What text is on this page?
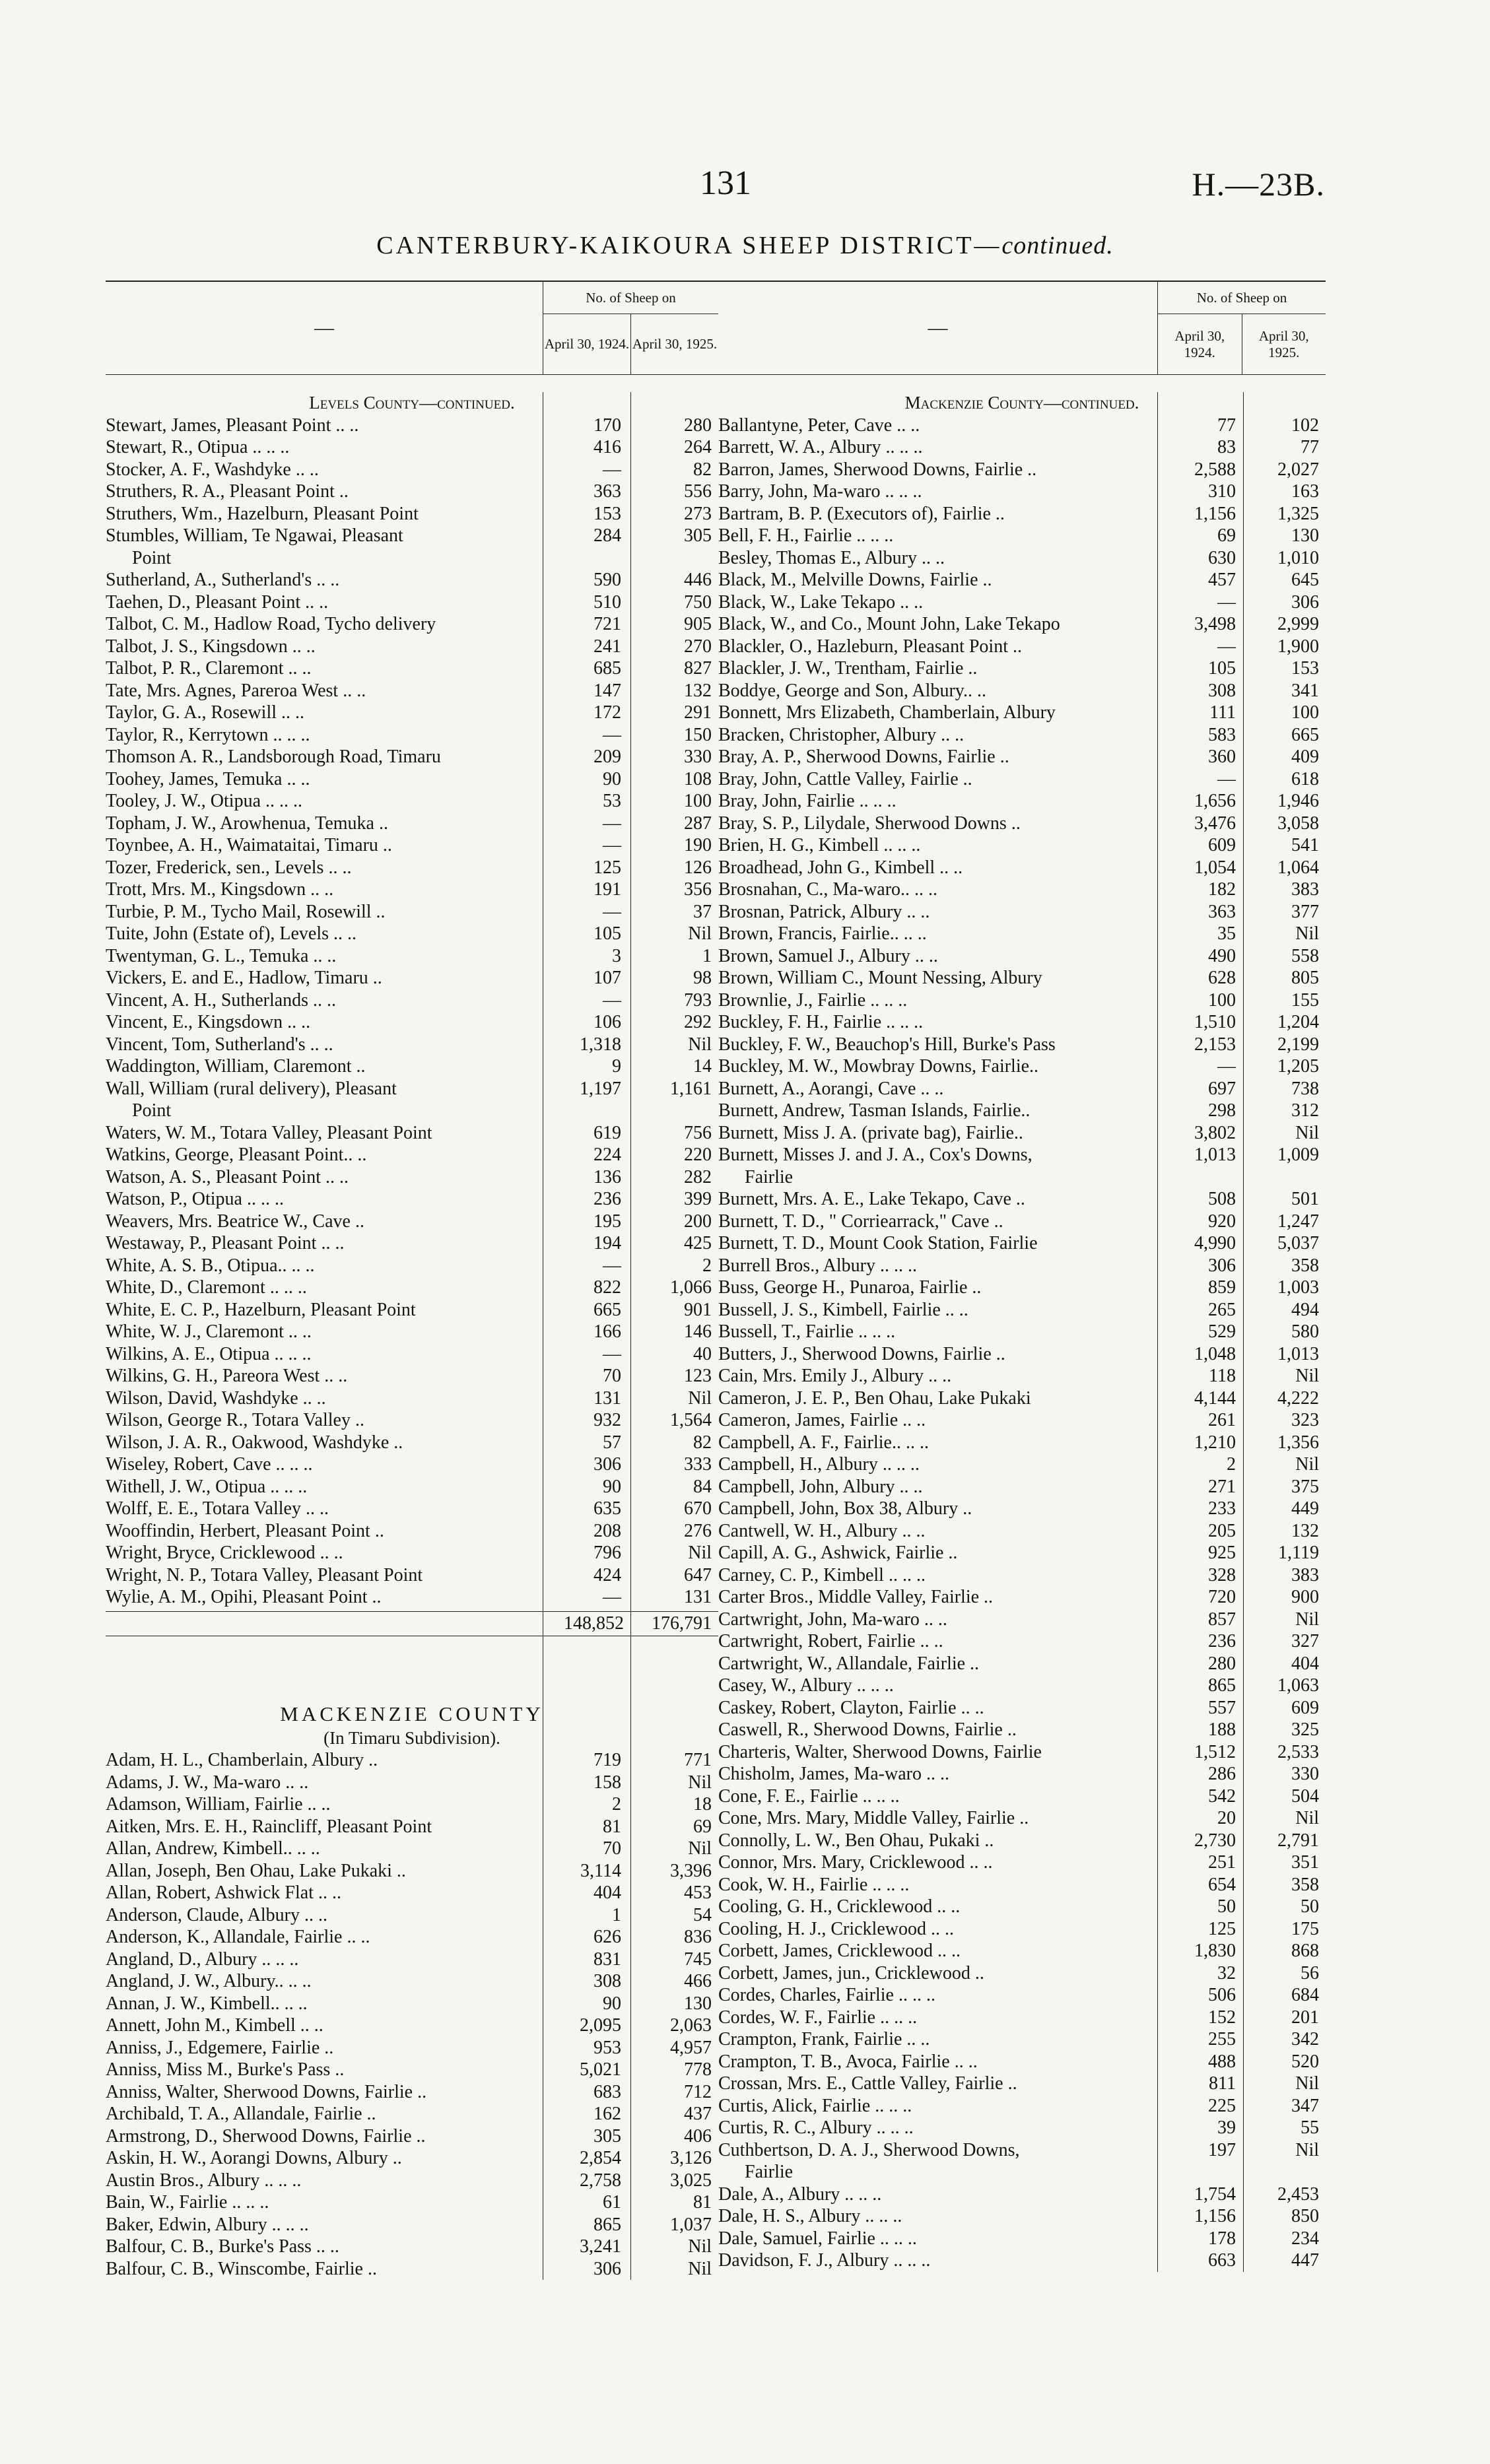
131	H.—23B.
CANTERBURY-KAIKOURA SHEEP DISTRICT—continued.
—
No. of Sheep on
April 30, 1924. April 30, 1925.
Levels County—continued.
Stewart, James, Pleasant Point .. ..	170	280
Stewart, R., Otipua .. .. ..	416	264
Stocker, A. F., Washdyke .. ..	—	82
Struthers, R. A., Pleasant Point ..	363	556
Struthers, Wm., Hazelburn, Pleasant Point	153	273
Stumbles, William, Te Ngawai, Pleasant	284	305
Point
Sutherland, A., Sutherland's .. ..	590	446
Taehen, D., Pleasant Point .. ..	510	750
Talbot, C. M., Hadlow Road, Tycho delivery	721	905
Talbot, J. S., Kingsdown .. ..	241	270
Talbot, P. R., Claremont .. ..	685	827
Tate, Mrs. Agnes, Pareroa West .. ..	147	132
Taylor, G. A., Rosewill .. ..	172	291
Taylor, R., Kerrytown .. .. ..	—	150
Thomson A. R., Landsborough Road, Timaru	209	330
Toohey, James, Temuka .. ..	90	108
Tooley, J. W., Otipua .. .. ..	53	100
Topham, J. W., Arowhenua, Temuka ..	—	287
Toynbee, A. H., Waimataitai, Timaru ..	—	190
Tozer, Frederick, sen., Levels .. ..	125	126
Trott, Mrs. M., Kingsdown .. ..	191	356
Turbie, P. M., Tycho Mail, Rosewill ..	—	37
Tuite, John (Estate of), Levels .. ..	105	Nil
Twentyman, G. L., Temuka .. ..	3	1
Vickers, E. and E., Hadlow, Timaru ..	107	98
Vincent, A. H., Sutherlands .. ..	—	793
Vincent, E., Kingsdown .. ..	106	292
Vincent, Tom, Sutherland's .. ..	1,318	Nil
Waddington, William, Claremont ..	9	14
Wall, William (rural delivery), Pleasant	1,197	1,161
Point
Waters, W. M., Totara Valley, Pleasant Point	619	756
Watkins, George, Pleasant Point.. ..	224	220
Watson, A. S., Pleasant Point .. ..	136	282
Watson, P., Otipua .. .. ..	236	399
Weavers, Mrs. Beatrice W., Cave ..	195	200
Westaway, P., Pleasant Point .. ..	194	425
White, A. S. B., Otipua.. .. ..	—	2
White, D., Claremont .. .. ..	822	1,066
White, E. C. P., Hazelburn, Pleasant Point	665	901
White, W. J., Claremont .. ..	166	146
Wilkins, A. E., Otipua .. .. ..	—	40
Wilkins, G. H., Pareora West .. ..	70	123
Wilson, David, Washdyke .. ..	131	Nil
Wilson, George R., Totara Valley ..	932	1,564
Wilson, J. A. R., Oakwood, Washdyke ..	57	82
Wiseley, Robert, Cave .. .. ..	306	333
Withell, J. W., Otipua .. .. ..	90	84
Wolff, E. E., Totara Valley .. ..	635	670
Wooffindin, Herbert, Pleasant Point ..	208	276
Wright, Bryce, Cricklewood .. ..	796	Nil
Wright, N. P., Totara Valley, Pleasant Point	424	647
Wylie, A. M., Opihi, Pleasant Point ..	—	131
148,852	176,791
MACKENZIE COUNTY
(In Timaru Subdivision).
Adam, H. L., Chamberlain, Albury ..	719	771
Adams, J. W., Ma-waro .. ..	158	Nil
Adamson, William, Fairlie .. ..	2	18
Aitken, Mrs. E. H., Raincliff, Pleasant Point	81	69
Allan, Andrew, Kimbell.. .. ..	70	Nil
Allan, Joseph, Ben Ohau, Lake Pukaki ..	3,114	3,396
Allan, Robert, Ashwick Flat .. ..	404	453
Anderson, Claude, Albury .. ..	1	54
Anderson, K., Allandale, Fairlie .. ..	626	836
Angland, D., Albury .. .. ..	831	745
Angland, J. W., Albury.. .. ..	308	466
Annan, J. W., Kimbell.. .. ..	90	130
Annett, John M., Kimbell .. ..	2,095	2,063
Anniss, J., Edgemere, Fairlie ..	953	4,957
Anniss, Miss M., Burke's Pass ..	5,021	778
Anniss, Walter, Sherwood Downs, Fairlie ..	683	712
Archibald, T. A., Allandale, Fairlie ..	162	437
Armstrong, D., Sherwood Downs, Fairlie ..	305	406
Askin, H. W., Aorangi Downs, Albury ..	2,854	3,126
Austin Bros., Albury .. .. ..	2,758	3,025
Bain, W., Fairlie .. .. ..	61	81
Baker, Edwin, Albury .. .. ..	865	1,037
Balfour, C. B., Burke's Pass .. ..	3,241	Nil
Balfour, C. B., Winscombe, Fairlie ..	306	Nil
—
No. of Sheep on
April 30, 1924.
April 30, 1925.
Mackenzie County—continued.
Ballantyne, Peter, Cave .. ..	77	102
Barrett, W. A., Albury .. .. ..	83	77
Barron, James, Sherwood Downs, Fairlie ..	2,588	2,027
Barry, John, Ma-waro .. .. ..	310	163
Bartram, B. P. (Executors of), Fairlie ..	1,156	1,325
Bell, F. H., Fairlie .. .. ..	69	130
Besley, Thomas E., Albury .. ..	630	1,010
Black, M., Melville Downs, Fairlie ..	457	645
Black, W., Lake Tekapo .. ..	—	306
Black, W., and Co., Mount John, Lake Tekapo	3,498	2,999
Blackler, O., Hazleburn, Pleasant Point ..	—	1,900
Blackler, J. W., Trentham, Fairlie ..	105	153
Boddye, George and Son, Albury.. ..	308	341
Bonnett, Mrs Elizabeth, Chamberlain, Albury	111	100
Bracken, Christopher, Albury .. ..	583	665
Bray, A. P., Sherwood Downs, Fairlie ..	360	409
Bray, John, Cattle Valley, Fairlie ..	—	618
Bray, John, Fairlie .. .. ..	1,656	1,946
Bray, S. P., Lilydale, Sherwood Downs ..	3,476	3,058
Brien, H. G., Kimbell .. .. ..	609	541
Broadhead, John G., Kimbell .. ..	1,054	1,064
Brosnahan, C., Ma-waro.. .. ..	182	383
Brosnan, Patrick, Albury .. ..	363	377
Brown, Francis, Fairlie.. .. ..	35	Nil
Brown, Samuel J., Albury .. ..	490	558
Brown, William C., Mount Nessing, Albury	628	805
Brownlie, J., Fairlie .. .. ..	100	155
Buckley, F. H., Fairlie .. .. ..	1,510	1,204
Buckley, F. W., Beauchop's Hill, Burke's Pass	2,153	2,199
Buckley, M. W., Mowbray Downs, Fairlie..	—	1,205
Burnett, A., Aorangi, Cave .. ..	697	738
Burnett, Andrew, Tasman Islands, Fairlie..	298	312
Burnett, Miss J. A. (private bag), Fairlie..	3,802	Nil
Burnett, Misses J. and J. A., Cox's Downs,	1,013	1,009
Fairlie
Burnett, Mrs. A. E., Lake Tekapo, Cave ..	508	501
Burnett, T. D., " Corriearrack," Cave ..	920	1,247
Burnett, T. D., Mount Cook Station, Fairlie	4,990	5,037
Burrell Bros., Albury .. .. ..	306	358
Buss, George H., Punaroa, Fairlie ..	859	1,003
Bussell, J. S., Kimbell, Fairlie .. ..	265	494
Bussell, T., Fairlie .. .. ..	529	580
Butters, J., Sherwood Downs, Fairlie ..	1,048	1,013
Cain, Mrs. Emily J., Albury .. ..	118	Nil
Cameron, J. E. P., Ben Ohau, Lake Pukaki	4,144	4,222
Cameron, James, Fairlie .. ..	261	323
Campbell, A. F., Fairlie.. .. ..	1,210	1,356
Campbell, H., Albury .. .. ..	2	Nil
Campbell, John, Albury .. ..	271	375
Campbell, John, Box 38, Albury ..	233	449
Cantwell, W. H., Albury .. ..	205	132
Capill, A. G., Ashwick, Fairlie ..	925	1,119
Carney, C. P., Kimbell .. .. ..	328	383
Carter Bros., Middle Valley, Fairlie ..	720	900
Cartwright, John, Ma-waro .. ..	857	Nil
Cartwright, Robert, Fairlie .. ..	236	327
Cartwright, W., Allandale, Fairlie ..	280	404
Casey, W., Albury .. .. ..	865	1,063
Caskey, Robert, Clayton, Fairlie .. ..	557	609
Caswell, R., Sherwood Downs, Fairlie ..	188	325
Charteris, Walter, Sherwood Downs, Fairlie	1,512	2,533
Chisholm, James, Ma-waro .. ..	286	330
Cone, F. E., Fairlie .. .. ..	542	504
Cone, Mrs. Mary, Middle Valley, Fairlie ..	20	Nil
Connolly, L. W., Ben Ohau, Pukaki ..	2,730	2,791
Connor, Mrs. Mary, Cricklewood .. ..	251	351
Cook, W. H., Fairlie .. .. ..	654	358
Cooling, G. H., Cricklewood .. ..	50	50
Cooling, H. J., Cricklewood .. ..	125	175
Corbett, James, Cricklewood .. ..	1,830	868
Corbett, James, jun., Cricklewood ..	32	56
Cordes, Charles, Fairlie .. .. ..	506	684
Cordes, W. F., Fairlie .. .. ..	152	201
Crampton, Frank, Fairlie .. ..	255	342
Crampton, T. B., Avoca, Fairlie .. ..	488	520
Crossan, Mrs. E., Cattle Valley, Fairlie ..	811	Nil
Curtis, Alick, Fairlie .. .. ..	225	347
Curtis, R. C., Albury .. .. ..	39	55
Cuthbertson, D. A. J., Sherwood Downs,	197	Nil
Fairlie
Dale, A., Albury .. .. ..	1,754	2,453
Dale, H. S., Albury .. .. ..	1,156	850
Dale, Samuel, Fairlie .. .. ..	178	234
Davidson, F. J., Albury .. .. ..	663	447
